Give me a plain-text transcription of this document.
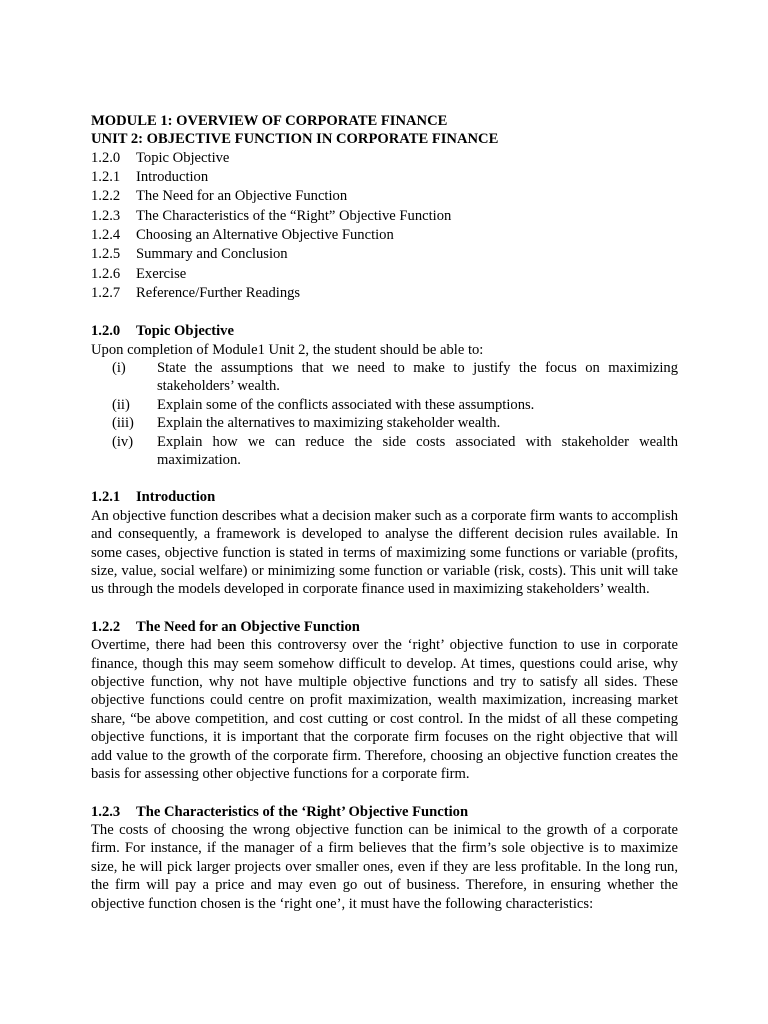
MODULE 1: OVERVIEW OF CORPORATE FINANCE
UNIT 2: OBJECTIVE FUNCTION IN CORPORATE FINANCE
1.2.0	Topic Objective
1.2.1	Introduction
1.2.2	The Need for an Objective Function
1.2.3	The Characteristics of the “Right” Objective Function
1.2.4	Choosing an Alternative Objective Function
1.2.5	Summary and Conclusion
1.2.6	Exercise
1.2.7	Reference/Further Readings
1.2.0	Topic Objective
Upon completion of Module1 Unit 2, the student should be able to:
(i)	State the assumptions that we need to make to justify the focus on maximizing stakeholders’ wealth.
(ii)	Explain some of the conflicts associated with these assumptions.
(iii)	Explain the alternatives to maximizing stakeholder wealth.
(iv)	Explain how we can reduce the side costs associated with stakeholder wealth maximization.
1.2.1	Introduction

An objective function describes what a decision maker such as a corporate firm wants to accomplish and consequently, a framework is developed to analyse the different decision rules available. In some cases, objective function is stated in terms of maximizing some functions or variable (profits, size, value, social welfare) or minimizing some function or variable (risk, costs). This unit will take us through the models developed in corporate finance used in maximizing stakeholders’ wealth.

1.2.2	The Need for an Objective Function

Overtime, there had been this controversy over the ‘right’ objective function to use in corporate finance, though this may seem somehow difficult to develop. At times, questions could arise, why objective function, why not have multiple objective functions and try to satisfy all sides. These objective functions could centre on profit maximization, wealth maximization, increasing market share, “be above competition, and cost cutting or cost control. In the midst of all these competing objective functions, it is important that the corporate firm focuses on the right objective that will add value to the growth of the corporate firm. Therefore, choosing an objective function creates the basis for assessing other objective functions for a corporate firm.

1.2.3	The Characteristics of the ‘Right’ Objective Function

The costs of choosing the wrong objective function can be inimical to the growth of a corporate firm. For instance, if the manager of a firm believes that the firm’s sole objective is to maximize size, he will pick larger projects over smaller ones, even if they are less profitable. In the long run, the firm will pay a price and may even go out of business. Therefore, in ensuring whether the objective function chosen is the ‘right one’, it must have the following characteristics:
